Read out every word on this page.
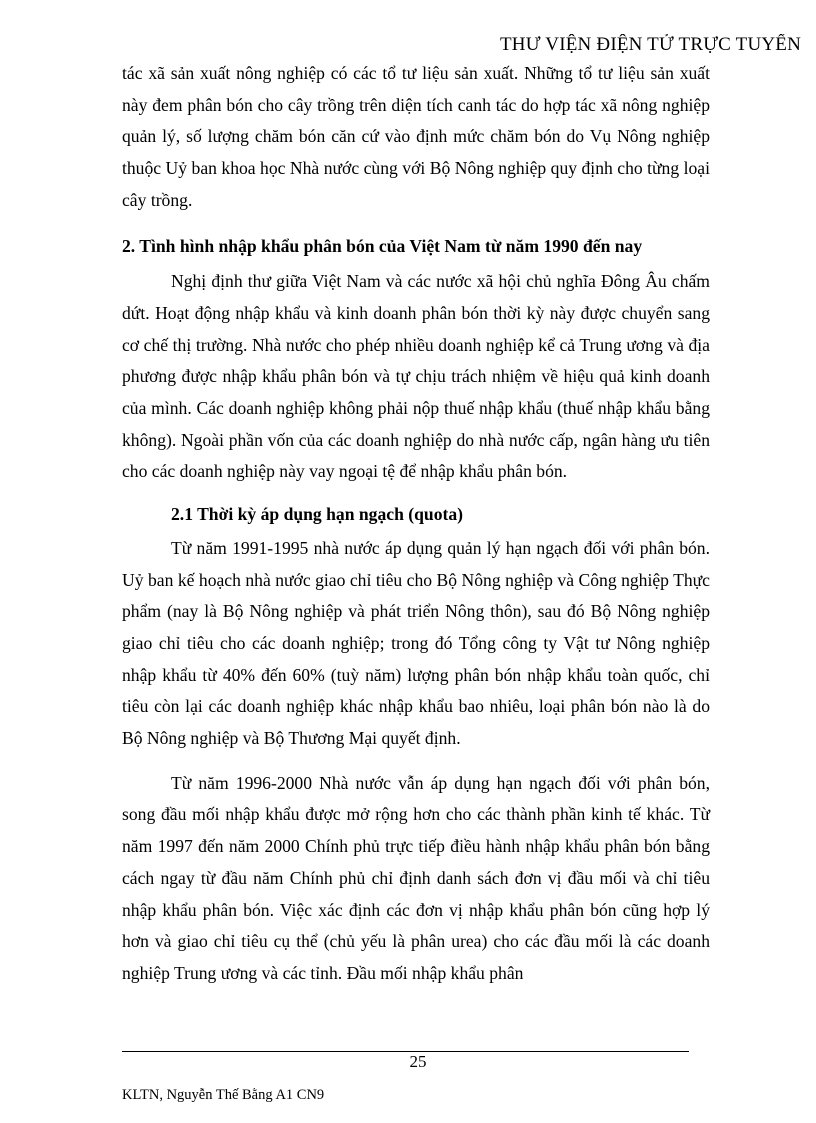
THƯ VIỆN ĐIỆN TỬ TRỰC TUYẾN

tác xã sản xuất nông nghiệp có các tổ tư liệu sản xuất. Những tổ tư liệu sản xuất này đem phân bón cho cây trồng trên diện tích canh tác do hợp tác xã nông nghiệp quản lý, số lượng chăm bón căn cứ vào định mức chăm bón do Vụ Nông nghiệp thuộc Uỷ ban khoa học Nhà nước cùng với Bộ Nông nghiệp quy định cho từng loại cây trồng.

2. Tình hình nhập khẩu phân bón của Việt Nam từ năm 1990 đến nay

Nghị định thư giữa Việt Nam và các nước xã hội chủ nghĩa Đông Âu chấm dứt. Hoạt động nhập khẩu và kinh doanh phân bón thời kỳ này được chuyển sang cơ chế thị trường. Nhà nước cho phép nhiều doanh nghiệp kể cả Trung ương và địa phương được nhập khẩu phân bón và tự chịu trách nhiệm về hiệu quả kinh doanh của mình. Các doanh nghiệp không phải nộp thuế nhập khẩu (thuế nhập khẩu bằng không). Ngoài phần vốn của các doanh nghiệp do nhà nước cấp, ngân hàng ưu tiên cho các doanh nghiệp này vay ngoại tệ để nhập khẩu phân bón.

2.1 Thời kỳ áp dụng hạn ngạch (quota)

Từ năm 1991-1995 nhà nước áp dụng quản lý hạn ngạch đối với phân bón. Uỷ ban kế hoạch nhà nước giao chỉ tiêu cho Bộ Nông nghiệp và Công nghiệp Thực phẩm (nay là Bộ Nông nghiệp và phát triển Nông thôn), sau đó Bộ Nông nghiệp giao chỉ tiêu cho các doanh nghiệp; trong đó Tổng công ty Vật tư Nông nghiệp nhập khẩu từ 40% đến 60% (tuỳ năm) lượng phân bón nhập khẩu toàn quốc, chỉ tiêu còn lại các doanh nghiệp khác nhập khẩu bao nhiêu, loại phân bón nào là do Bộ Nông nghiệp và Bộ Thương Mại quyết định.

Từ năm 1996-2000 Nhà nước vẫn áp dụng hạn ngạch đối với phân bón, song đầu mối nhập khẩu được mở rộng hơn cho các thành phần kinh tế khác. Từ năm 1997 đến năm 2000 Chính phủ trực tiếp điều hành nhập khẩu phân bón bằng cách ngay từ đầu năm Chính phủ chỉ định danh sách đơn vị đầu mối và chỉ tiêu nhập khẩu phân bón. Việc xác định các đơn vị nhập khẩu phân bón cũng hợp lý hơn và giao chỉ tiêu cụ thể (chủ yếu là phân urea) cho các đầu mối là các doanh nghiệp Trung ương và các tỉnh. Đầu mối nhập khẩu phân

25
KLTN, Nguyễn Thế Bằng A1 CN9
